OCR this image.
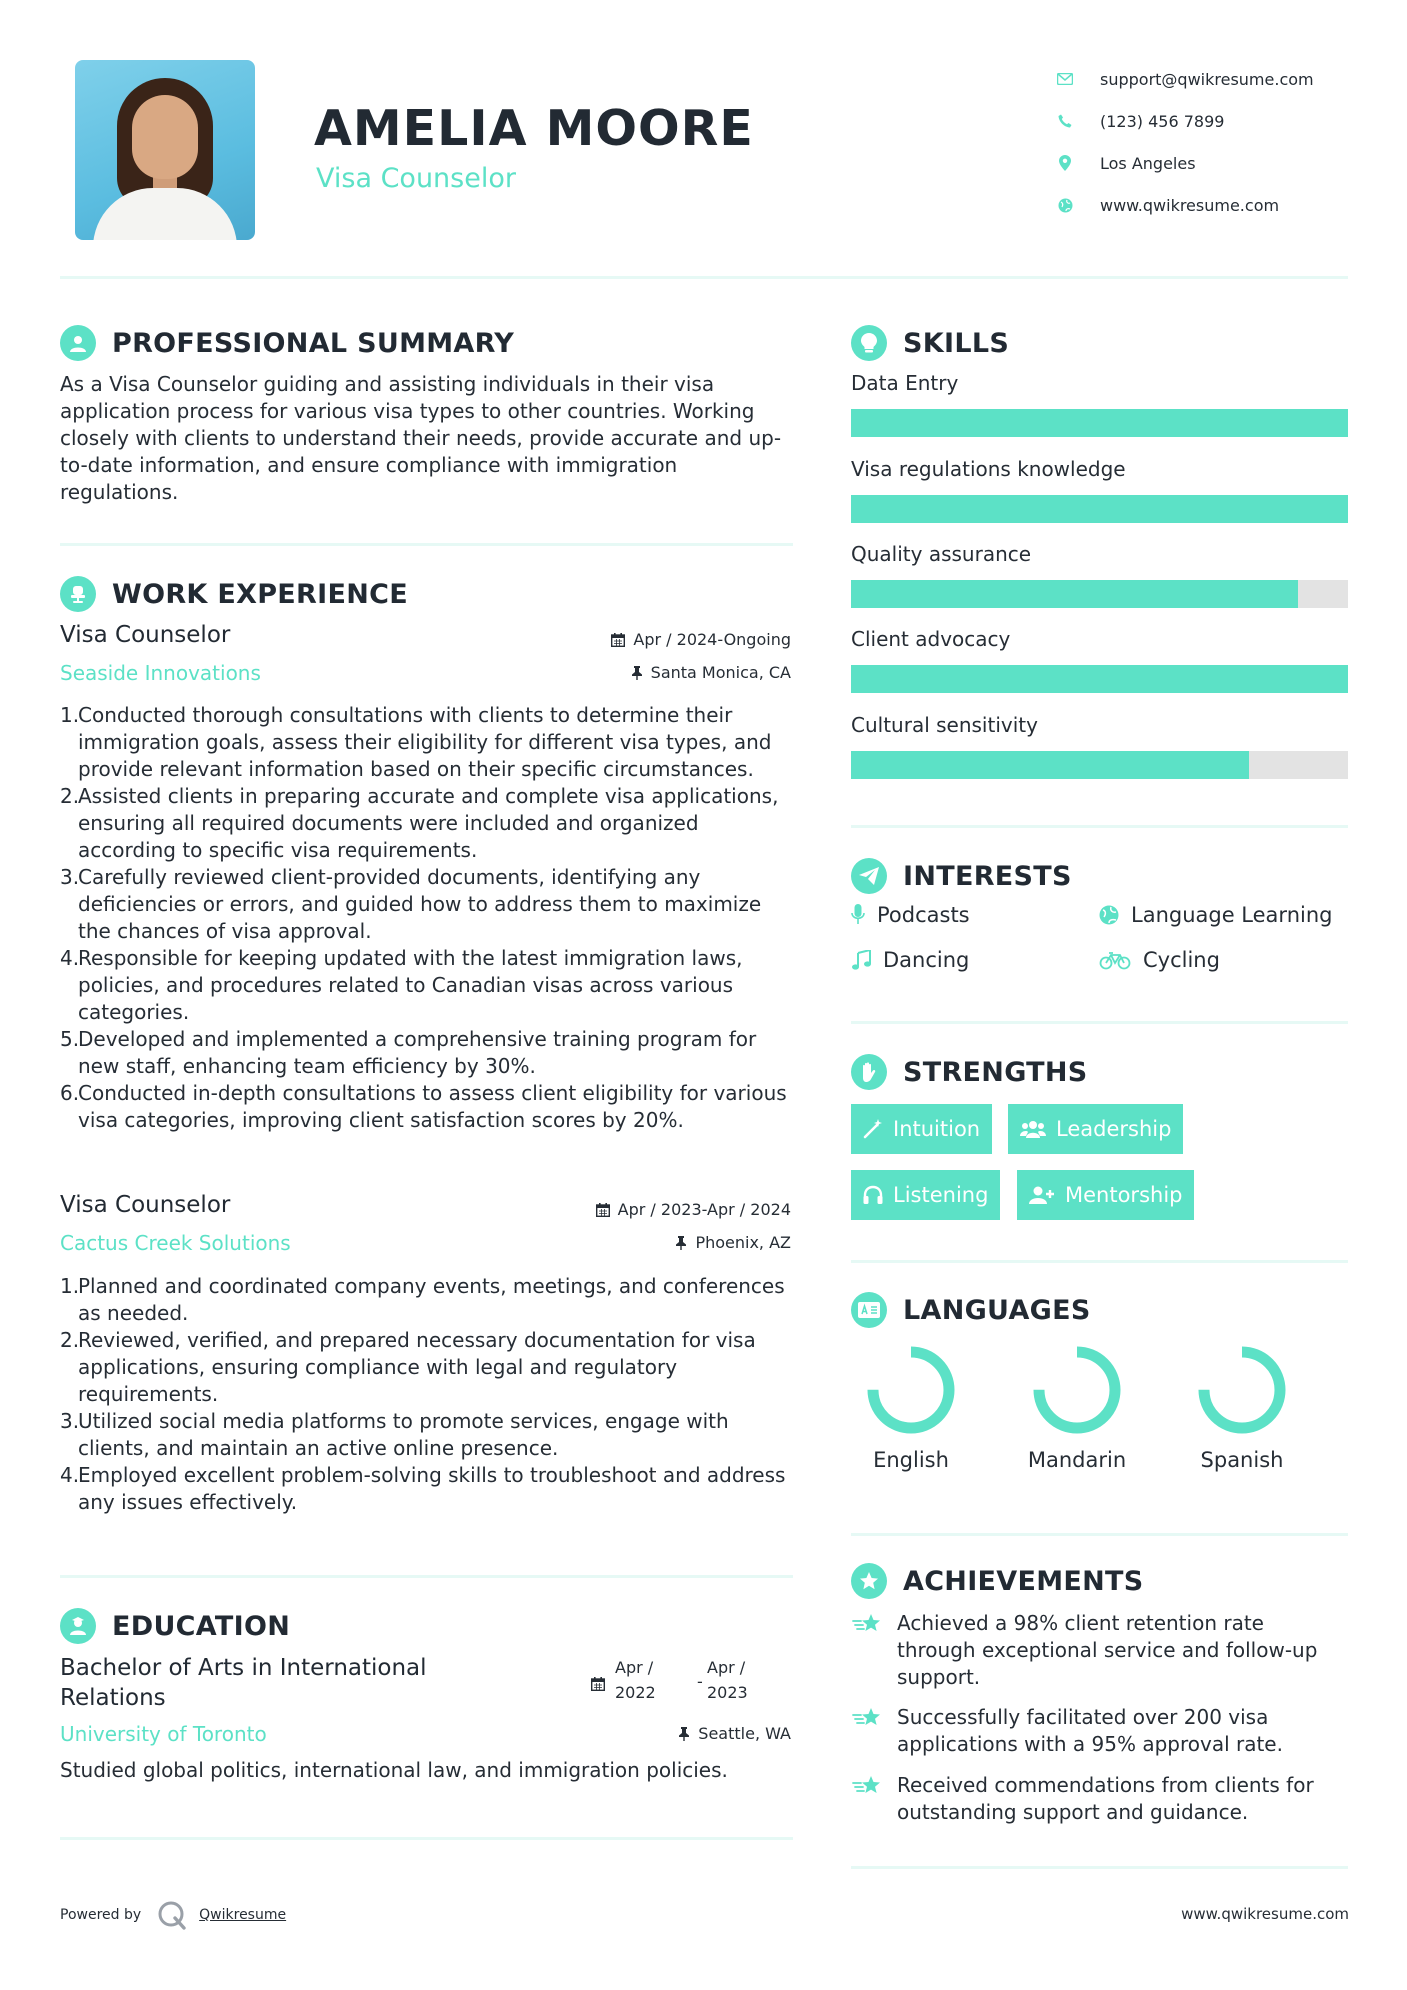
AMELIA MOORE
Visa Counselor
support@qwikresume.com
(123) 456 7899
Los Angeles
www.qwikresume.com
PROFESSIONAL SUMMARY
As a Visa Counselor guiding and assisting individuals in their visa application process for various visa types to other countries. Working closely with clients to understand their needs, provide accurate and up-to-date information, and ensure compliance with immigration regulations.
WORK EXPERIENCE
Visa Counselor	Apr / 2024-Ongoing
Seaside Innovations	Santa Monica, CA
1.
Conducted thorough consultations with clients to determine their immigration goals, assess their eligibility for different visa types, and provide relevant information based on their specific circumstances.
2.
Assisted clients in preparing accurate and complete visa applications, ensuring all required documents were included and organized according to specific visa requirements.
3.
Carefully reviewed client-provided documents, identifying any deficiencies or errors, and guided how to address them to maximize the chances of visa approval.
4.
Responsible for keeping updated with the latest immigration laws, policies, and procedures related to Canadian visas across various categories.
5.
Developed and implemented a comprehensive training program for new staff, enhancing team efficiency by 30%.
6.
Conducted in-depth consultations to assess client eligibility for various visa categories, improving client satisfaction scores by 20%.
Visa Counselor	Apr / 2023-Apr / 2024
Cactus Creek Solutions	Phoenix, AZ
1.
Planned and coordinated company events, meetings, and conferences as needed.
2.
Reviewed, verified, and prepared necessary documentation for visa applications, ensuring compliance with legal and regulatory requirements.
3.
Utilized social media platforms to promote services, engage with clients, and maintain an active online presence.
4.
Employed excellent problem-solving skills to troubleshoot and address any issues effectively.
EDUCATION
Bachelor of Arts in International Relations
Apr /
2022
-
Apr /
2023
University of Toronto	Seattle, WA
Studied global politics, international law, and immigration policies.
SKILLS
Data Entry
Visa regulations knowledge
Quality assurance
Client advocacy
Cultural sensitivity
INTERESTS
Podcasts	Language Learning
Dancing	Cycling
STRENGTHS
Intuition	Leadership
Listening	Mentorship
LANGUAGES
English	Mandarin	Spanish
ACHIEVEMENTS
Achieved a 98% client retention rate through exceptional service and follow-up support.
Successfully facilitated over 200 visa applications with a 95% approval rate.
Received commendations from clients for outstanding support and guidance.
Powered by	Qwikresume	www.qwikresume.com
